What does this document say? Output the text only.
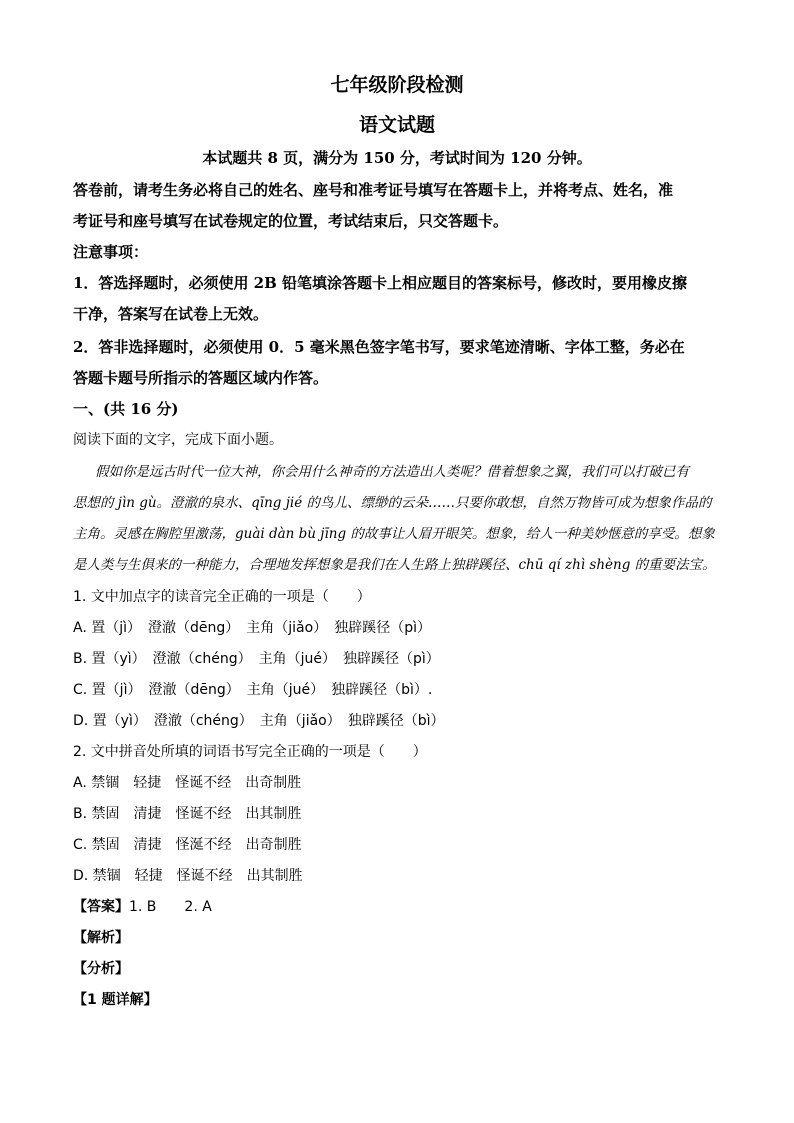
七年级阶段检测
语文试题
本试题共 8 页，满分为 150 分，考试时间为 120 分钟。
答卷前，请考生务必将自己的姓名、座号和准考证号填写在答题卡上，并将考点、姓名，准
考证号和座号填写在试卷规定的位置，考试结束后，只交答题卡。
注意事项：
1．答选择题时，必须使用 2B 铅笔填涂答题卡上相应题目的答案标号，修改时，要用橡皮擦
干净，答案写在试卷上无效。
2．答非选择题时，必须使用 0．5 毫米黑色签字笔书写，要求笔迹清晰、字体工整，务必在
答题卡题号所指示的答题区域内作答。
一、(共 16 分)
阅读下面的文字，完成下面小题。
假如你是远古时代一位大神，你会用什么神奇的方法造出人类呢？借着想象之翼，我们可以打破已有
思想的 jìn gù。澄澈的泉水、qīng jié 的鸟儿、缥缈的云朵……只要你敢想，自然万物皆可成为想象作品的
主角。灵感在胸腔里激荡，guài dàn bù jīng 的故事让人眉开眼笑。想象，给人一种美妙惬意的享受。想象
是人类与生俱来的一种能力，合理地发挥想象是我们在人生路上独辟蹊径、chū qí zhì shèng 的重要法宝。
1. 文中加点字的读音完全正确的一项是（　　）
A. 置（jì）　澄澈（dēng）　主角（jiǎo）　独辟蹊径（pì）
B. 置（yì）　澄澈（chéng）　主角（jué）　独辟蹊径（pì）
C. 置（jì）　澄澈（dēng）　主角（jué）　独辟蹊径（bì）.
D. 置（yì）　澄澈（chéng）　主角（jiǎo）　独辟蹊径（bì）
2. 文中拼音处所填的词语书写完全正确的一项是（　　）
A. 禁锢　轻捷　怪诞不经　出奇制胜
B. 禁固　清捷　怪诞不经　出其制胜
C. 禁固　清捷　怪涎不经　出奇制胜
D. 禁锢　轻捷　怪诞不经　出其制胜
【答案】1. B　　2. A
【解析】
【分析】
【1 题详解】
